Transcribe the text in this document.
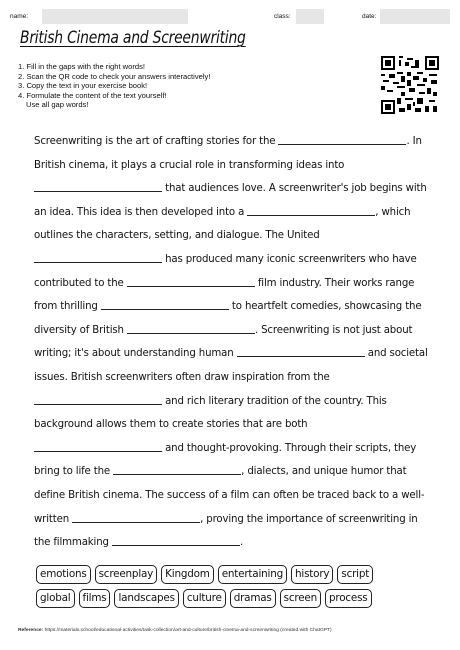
name:	class:	date:
British Cinema and Screenwriting
1. Fill in the gaps with the right words!
2. Scan the QR code to check your answers interactively!
3. Copy the text in your exercise book!
4. Formulate the content of the text yourself!
Use all gap words!
Screenwriting is the art of crafting stories for the	. In British cinema, it plays a crucial role in transforming ideas into  that audiences love. A screenwriter's job begins with an idea. This idea is then developed into a	, which outlines the characters, setting, and dialogue. The United  has produced many iconic screenwriters who have contributed to the	film industry. Their works range from thrilling	to heartfelt comedies, showcasing the diversity of British	. Screenwriting is not just about writing; it's about understanding human	and societal issues. British screenwriters often draw inspiration from the  and rich literary tradition of the country. This background allows them to create stories that are both  and thought-provoking. Through their scripts, they bring to life the	, dialects, and unique humor that define British cinema. The success of a film can often be traced back to a well-written	, proving the importance of screenwriting in the filmmaking	.
emotions	screenplay	Kingdom	entertaining	history	script
global	films	landscapes	culture	dramas	screen	process
Reference: https://materials.school/educational-activities/task-collection/art-and-culture/british-cinema-and-screenwriting (created with ChatGPT)
